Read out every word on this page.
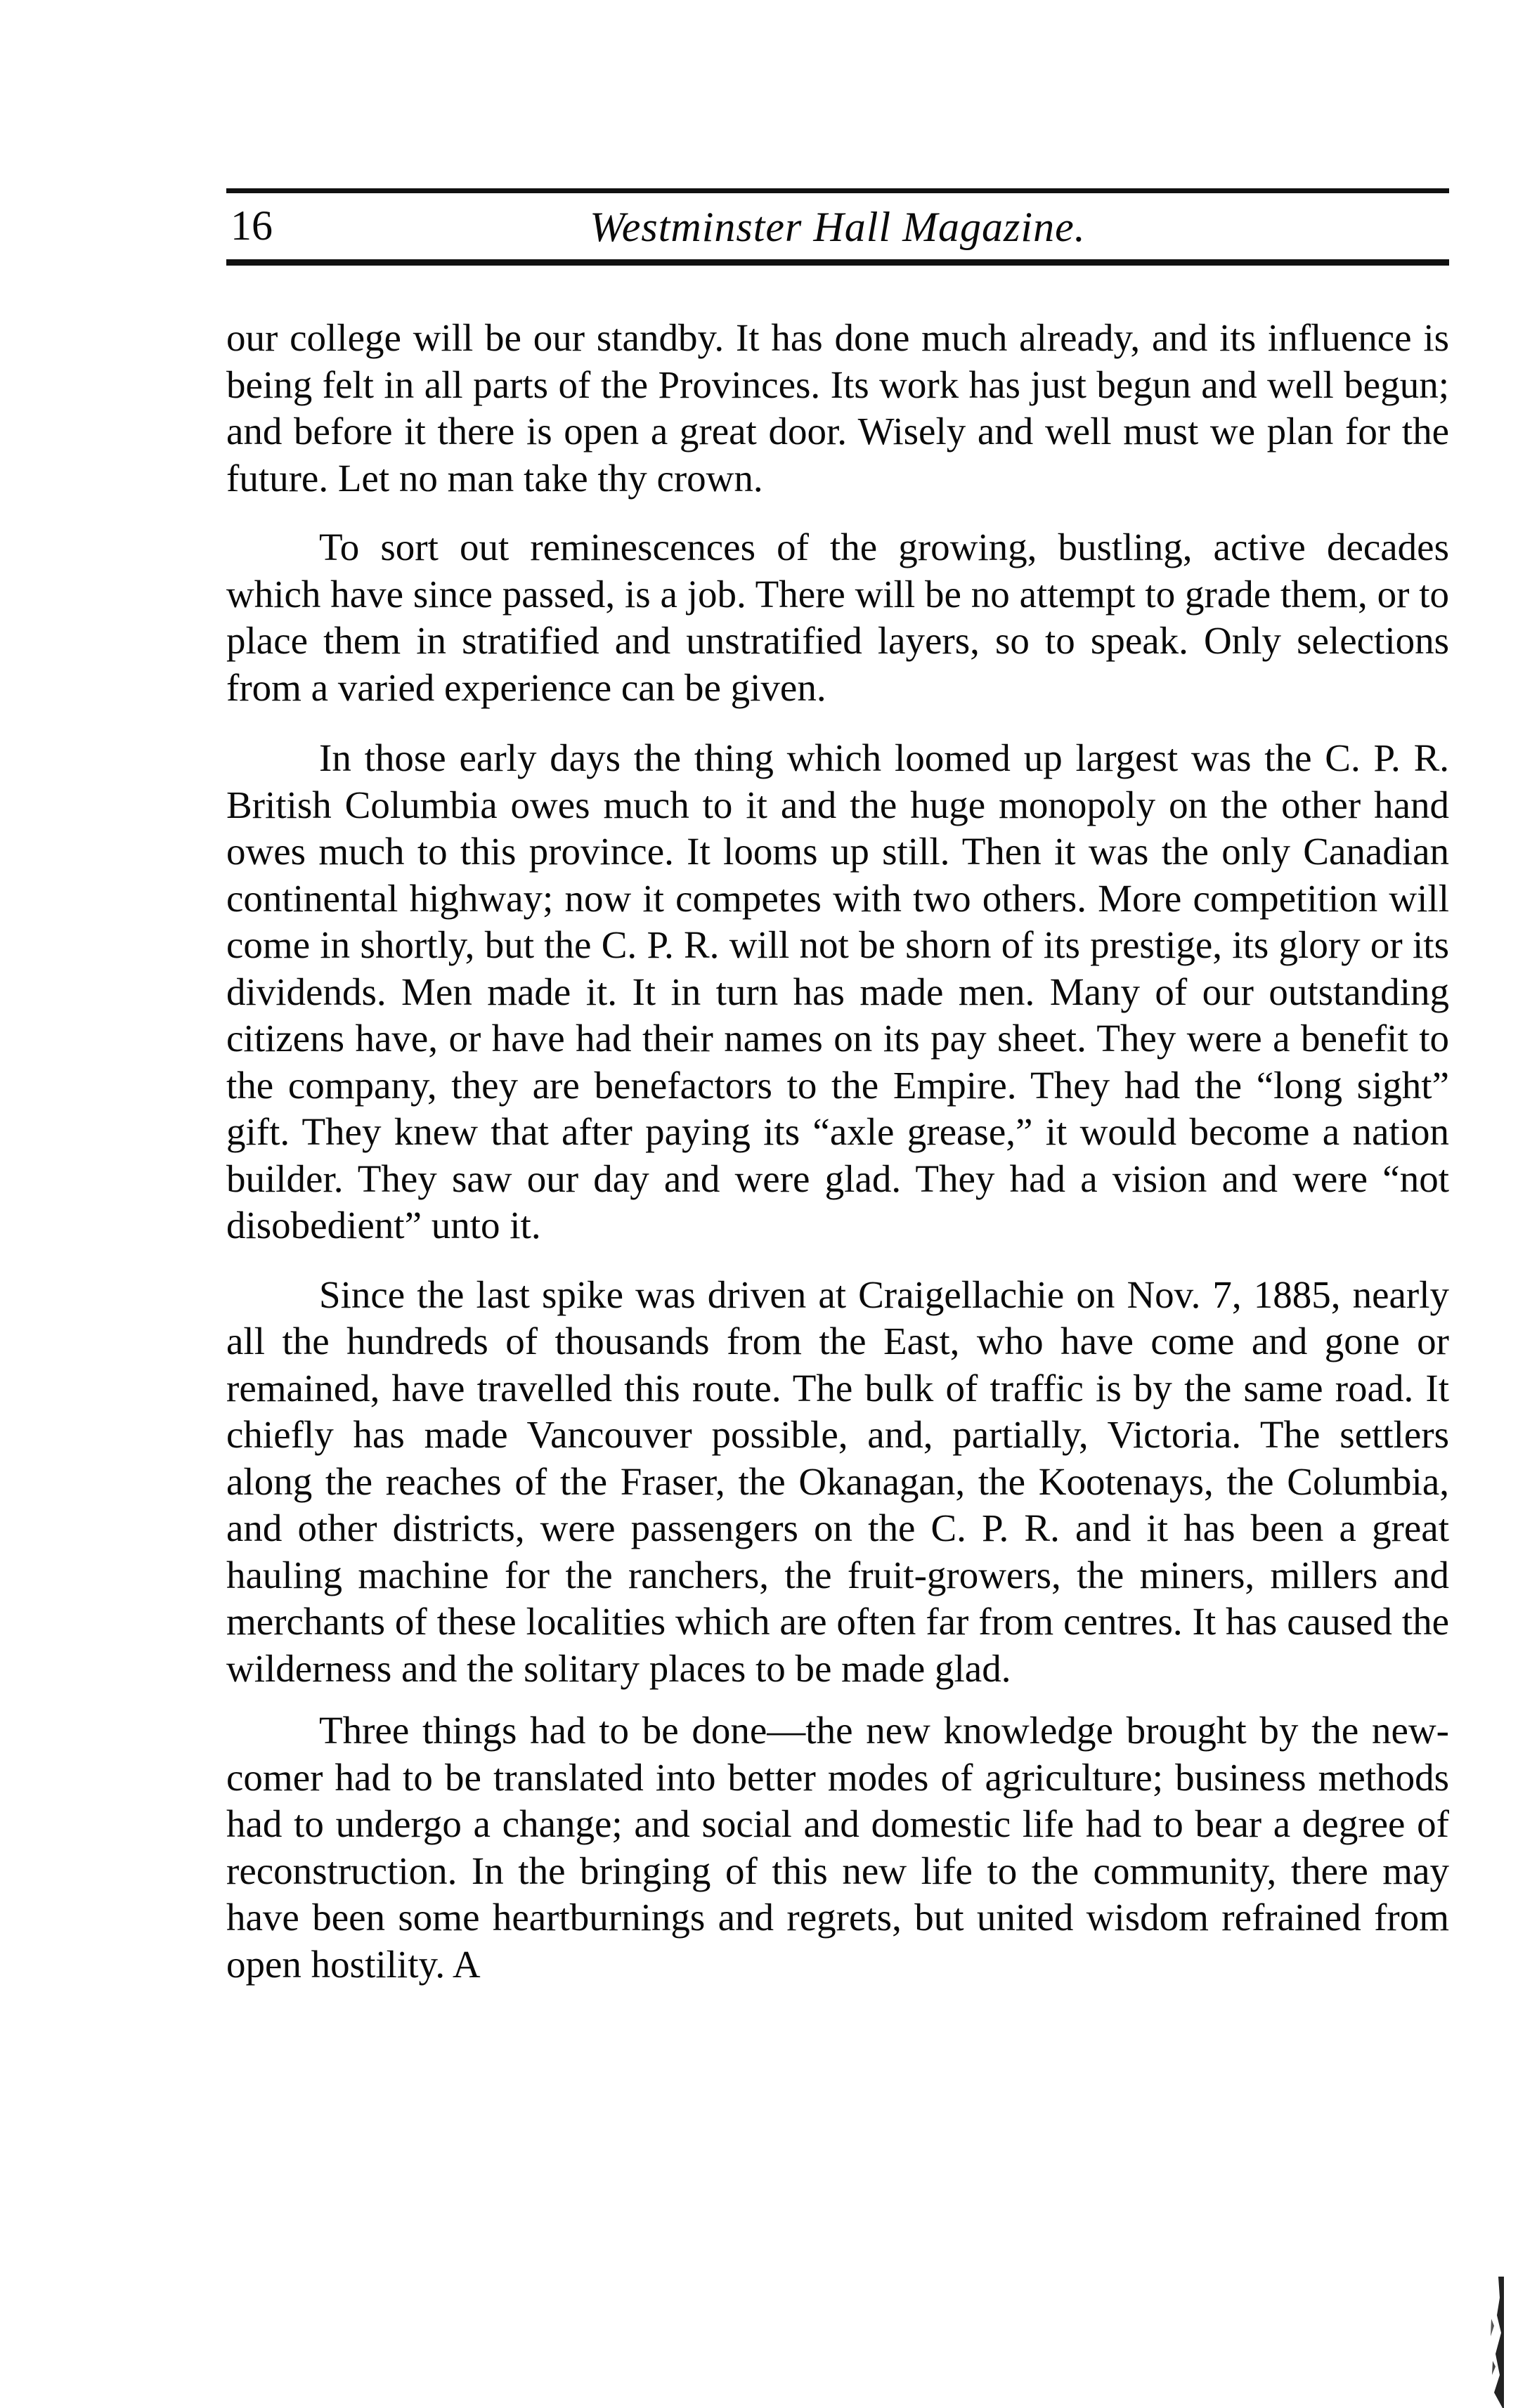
16	Westminster Hall Magazine.

our college will be our standby. It has done much already, and its influence is being felt in all parts of the Provinces. Its work has just begun and well begun; and before it there is open a great door. Wisely and well must we plan for the future. Let no man take thy crown.

To sort out reminescences of the growing, bustling, active decades which have since passed, is a job. There will be no attempt to grade them, or to place them in stratified and unstratified layers, so to speak. Only selections from a varied experience can be given.

In those early days the thing which loomed up largest was the C. P. R. British Columbia owes much to it and the huge monopoly on the other hand owes much to this province. It looms up still. Then it was the only Canadian continental highway; now it competes with two others. More competition will come in shortly, but the C. P. R. will not be shorn of its prestige, its glory or its dividends. Men made it. It in turn has made men. Many of our outstanding citizens have, or have had their names on its pay sheet. They were a benefit to the company, they are benefactors to the Empire. They had the “long sight” gift. They knew that after paying its “axle grease,” it would become a nation builder. They saw our day and were glad. They had a vision and were “not disobedient” unto it.

Since the last spike was driven at Craigellachie on Nov. 7, 1885, nearly all the hundreds of thousands from the East, who have come and gone or remained, have travelled this route. The bulk of traffic is by the same road. It chiefly has made Vancouver possible, and, partially, Victoria. The settlers along the reaches of the Fraser, the Okanagan, the Kootenays, the Columbia, and other districts, were passengers on the C. P. R. and it has been a great hauling machine for the ranchers, the fruit-growers, the miners, millers and merchants of these localities which are often far from centres. It has caused the wilderness and the solitary places to be made glad.

Three things had to be done—the new knowledge brought by the new-comer had to be translated into better modes of agriculture; business methods had to undergo a change; and social and domestic life had to bear a degree of reconstruction. In the bringing of this new life to the community, there may have been some heartburnings and regrets, but united wisdom refrained from open hostility. A
